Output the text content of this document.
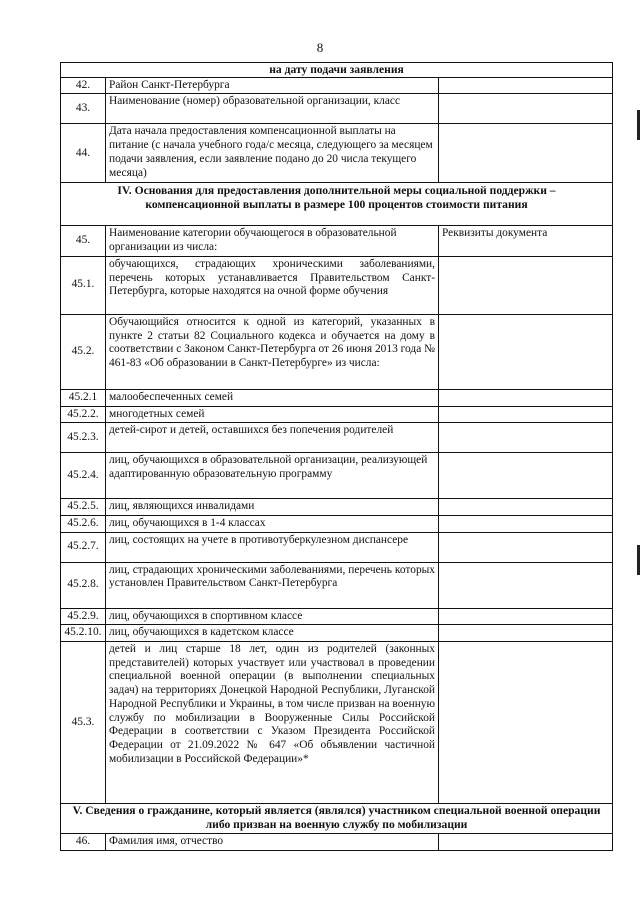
8
на дату подачи заявления		
42.	Район Санкт-Петербурга	
43.	Наименование (номер) образовательной организации, класс	
44.	Дата начала предоставления компенсационной выплаты на питание (с начала учебного года/с месяца, следующего за месяцем подачи заявления, если заявление подано до 20 числа текущего месяца)	
IV. Основания для предоставления дополнительной меры социальной поддержки – компенсационной выплаты в размере 100 процентов стоимости питания		
45.	Наименование категории обучающегося в образовательной организации из числа:	Реквизиты документа
45.1.	обучающихся, страдающих хроническими заболеваниями, перечень которых устанавливается Правительством Санкт-Петербурга, которые находятся на очной форме обучения	
45.2.	Обучающийся относится к одной из категорий, указанных в пункте 2 статьи 82 Социального кодекса и обучается на дому в соответствии с Законом Санкт-Петербурга от 26 июня 2013 года № 461-83 «Об образовании в Санкт-Петербурге» из числа:	
45.2.1	малообеспеченных семей	
45.2.2.	многодетных семей	
45.2.3.	детей-сирот и детей, оставшихся без попечения родителей	
45.2.4.	лиц, обучающихся в образовательной организации, реализующей адаптированную образовательную программу	
45.2.5.	лиц, являющихся инвалидами	
45.2.6.	лиц, обучающихся в 1-4 классах	
45.2.7.	лиц, состоящих на учете в противотуберкулезном диспансере	
45.2.8.	лиц, страдающих хроническими заболеваниями, перечень которых установлен Правительством Санкт-Петербурга	
45.2.9.	лиц, обучающихся в спортивном классе	
45.2.10.	лиц, обучающихся в кадетском классе	
45.3.	детей и лиц старше 18 лет, один из родителей (законных представителей) которых участвует или участвовал в проведении специальной военной операции (в выполнении специальных задач) на территориях Донецкой Народной Республики, Луганской Народной Республики и Украины, в том числе призван на военную службу по мобилизации в Вооруженные Силы Российской Федерации в соответствии с Указом Президента Российской Федерации от 21.09.2022 № 647 «Об объявлении частичной мобилизации в Российской Федерации»*	
V. Сведения о гражданине, который является (являлся) участником специальной военной операции либо призван на военную службу по мобилизации		
46.	Фамилия имя, отчество	
